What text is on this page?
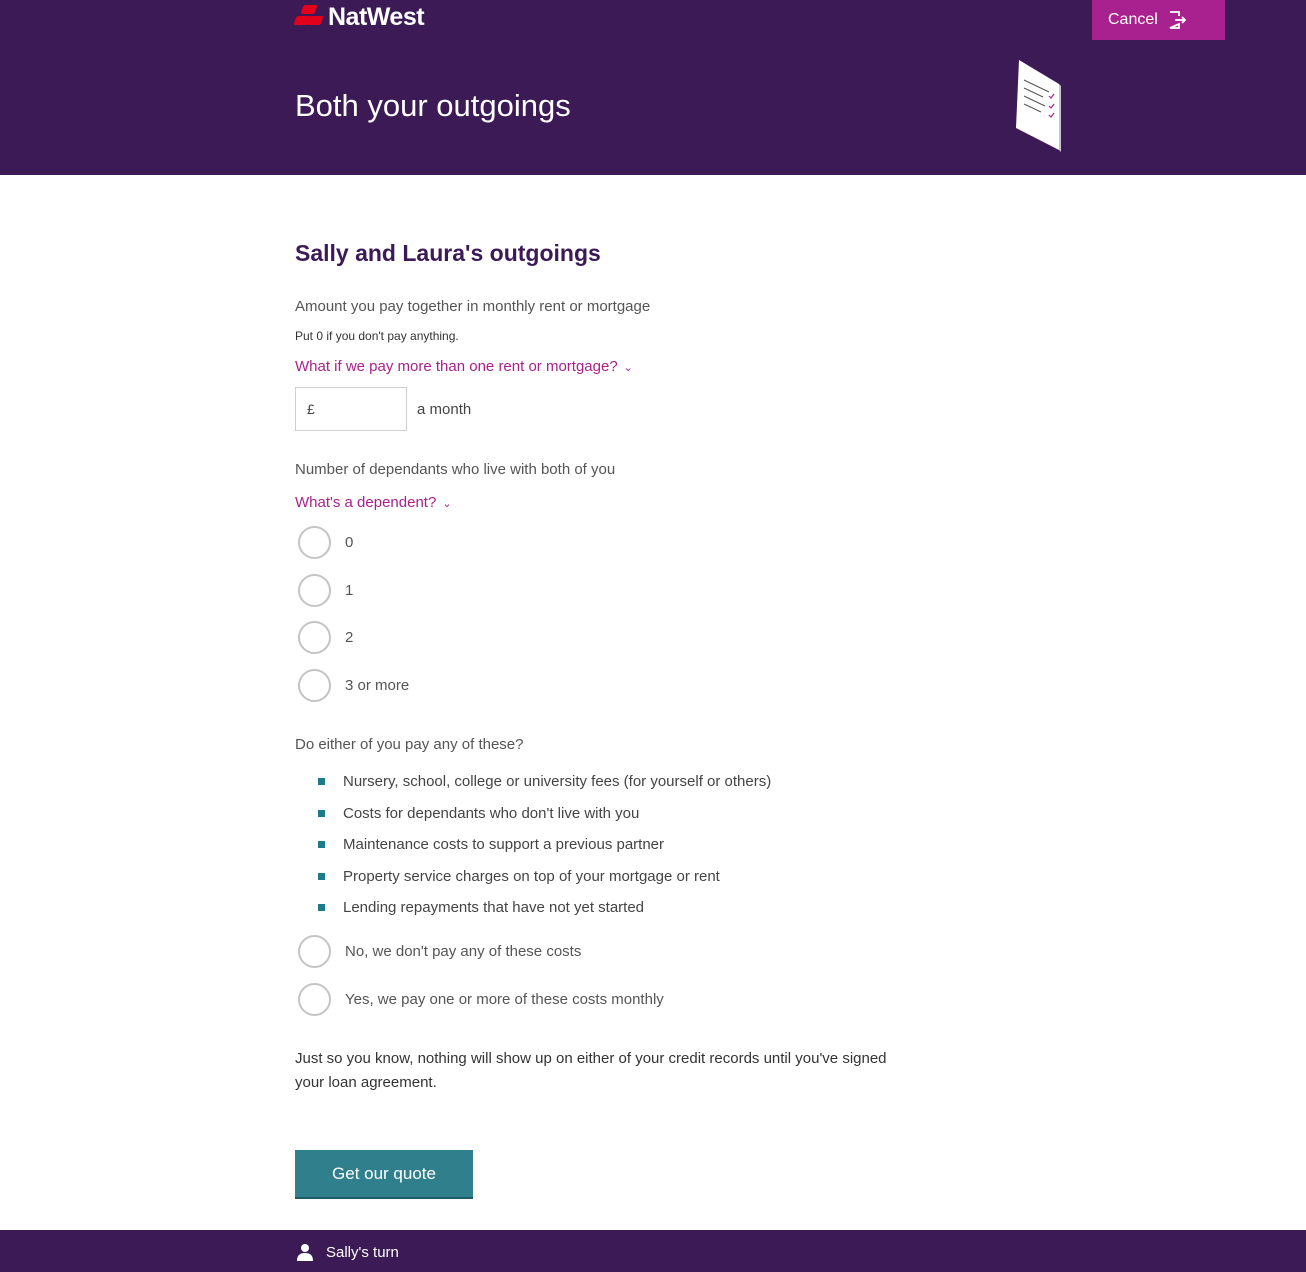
NatWest	Cancel
Both your outgoings
Sally and Laura's outgoings
Amount you pay together in monthly rent or mortgage
Put 0 if you don't pay anything.
What if we pay more than one rent or mortgage? ⌄
£	a month
Number of dependants who live with both of you
What's a dependent? ⌄
0
1
2
3 or more
Do either of you pay any of these?
Nursery, school, college or university fees (for yourself or others)
Costs for dependants who don't live with you
Maintenance costs to support a previous partner
Property service charges on top of your mortgage or rent
Lending repayments that have not yet started
No, we don't pay any of these costs
Yes, we pay one or more of these costs monthly

Just so you know, nothing will show up on either of your credit records until you've signed your loan agreement.

Get our quote
Sally's turn
